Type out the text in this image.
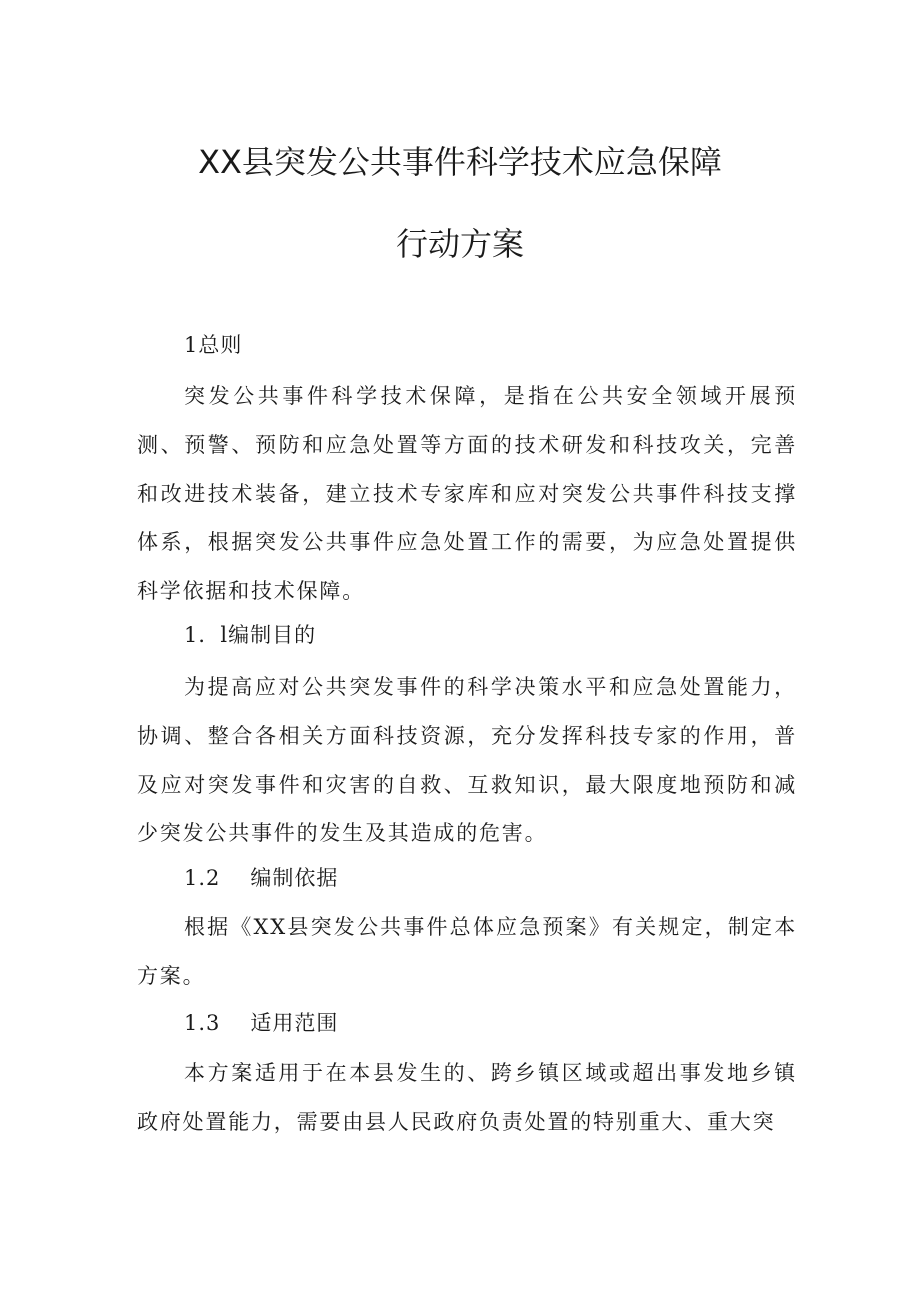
XX县突发公共事件科学技术应急保障
行动方案
1总则

突发公共事件科学技术保障，是指在公共安全领域开展预测、预警、预防和应急处置等方面的技术研发和科技攻关，完善和改进技术装备，建立技术专家库和应对突发公共事件科技支撑体系，根据突发公共事件应急处置工作的需要，为应急处置提供科学依据和技术保障。

1．l编制目的

为提高应对公共突发事件的科学决策水平和应急处置能力，协调、整合各相关方面科技资源，充分发挥科技专家的作用，普及应对突发事件和灾害的自救、互救知识，最大限度地预防和减少突发公共事件的发生及其造成的危害。

1.2 编制依据

根据《XX县突发公共事件总体应急预案》有关规定，制定本方案。

1.3 适用范围

本方案适用于在本县发生的、跨乡镇区域或超出事发地乡镇政府处置能力，需要由县人民政府负责处置的特别重大、重大突
